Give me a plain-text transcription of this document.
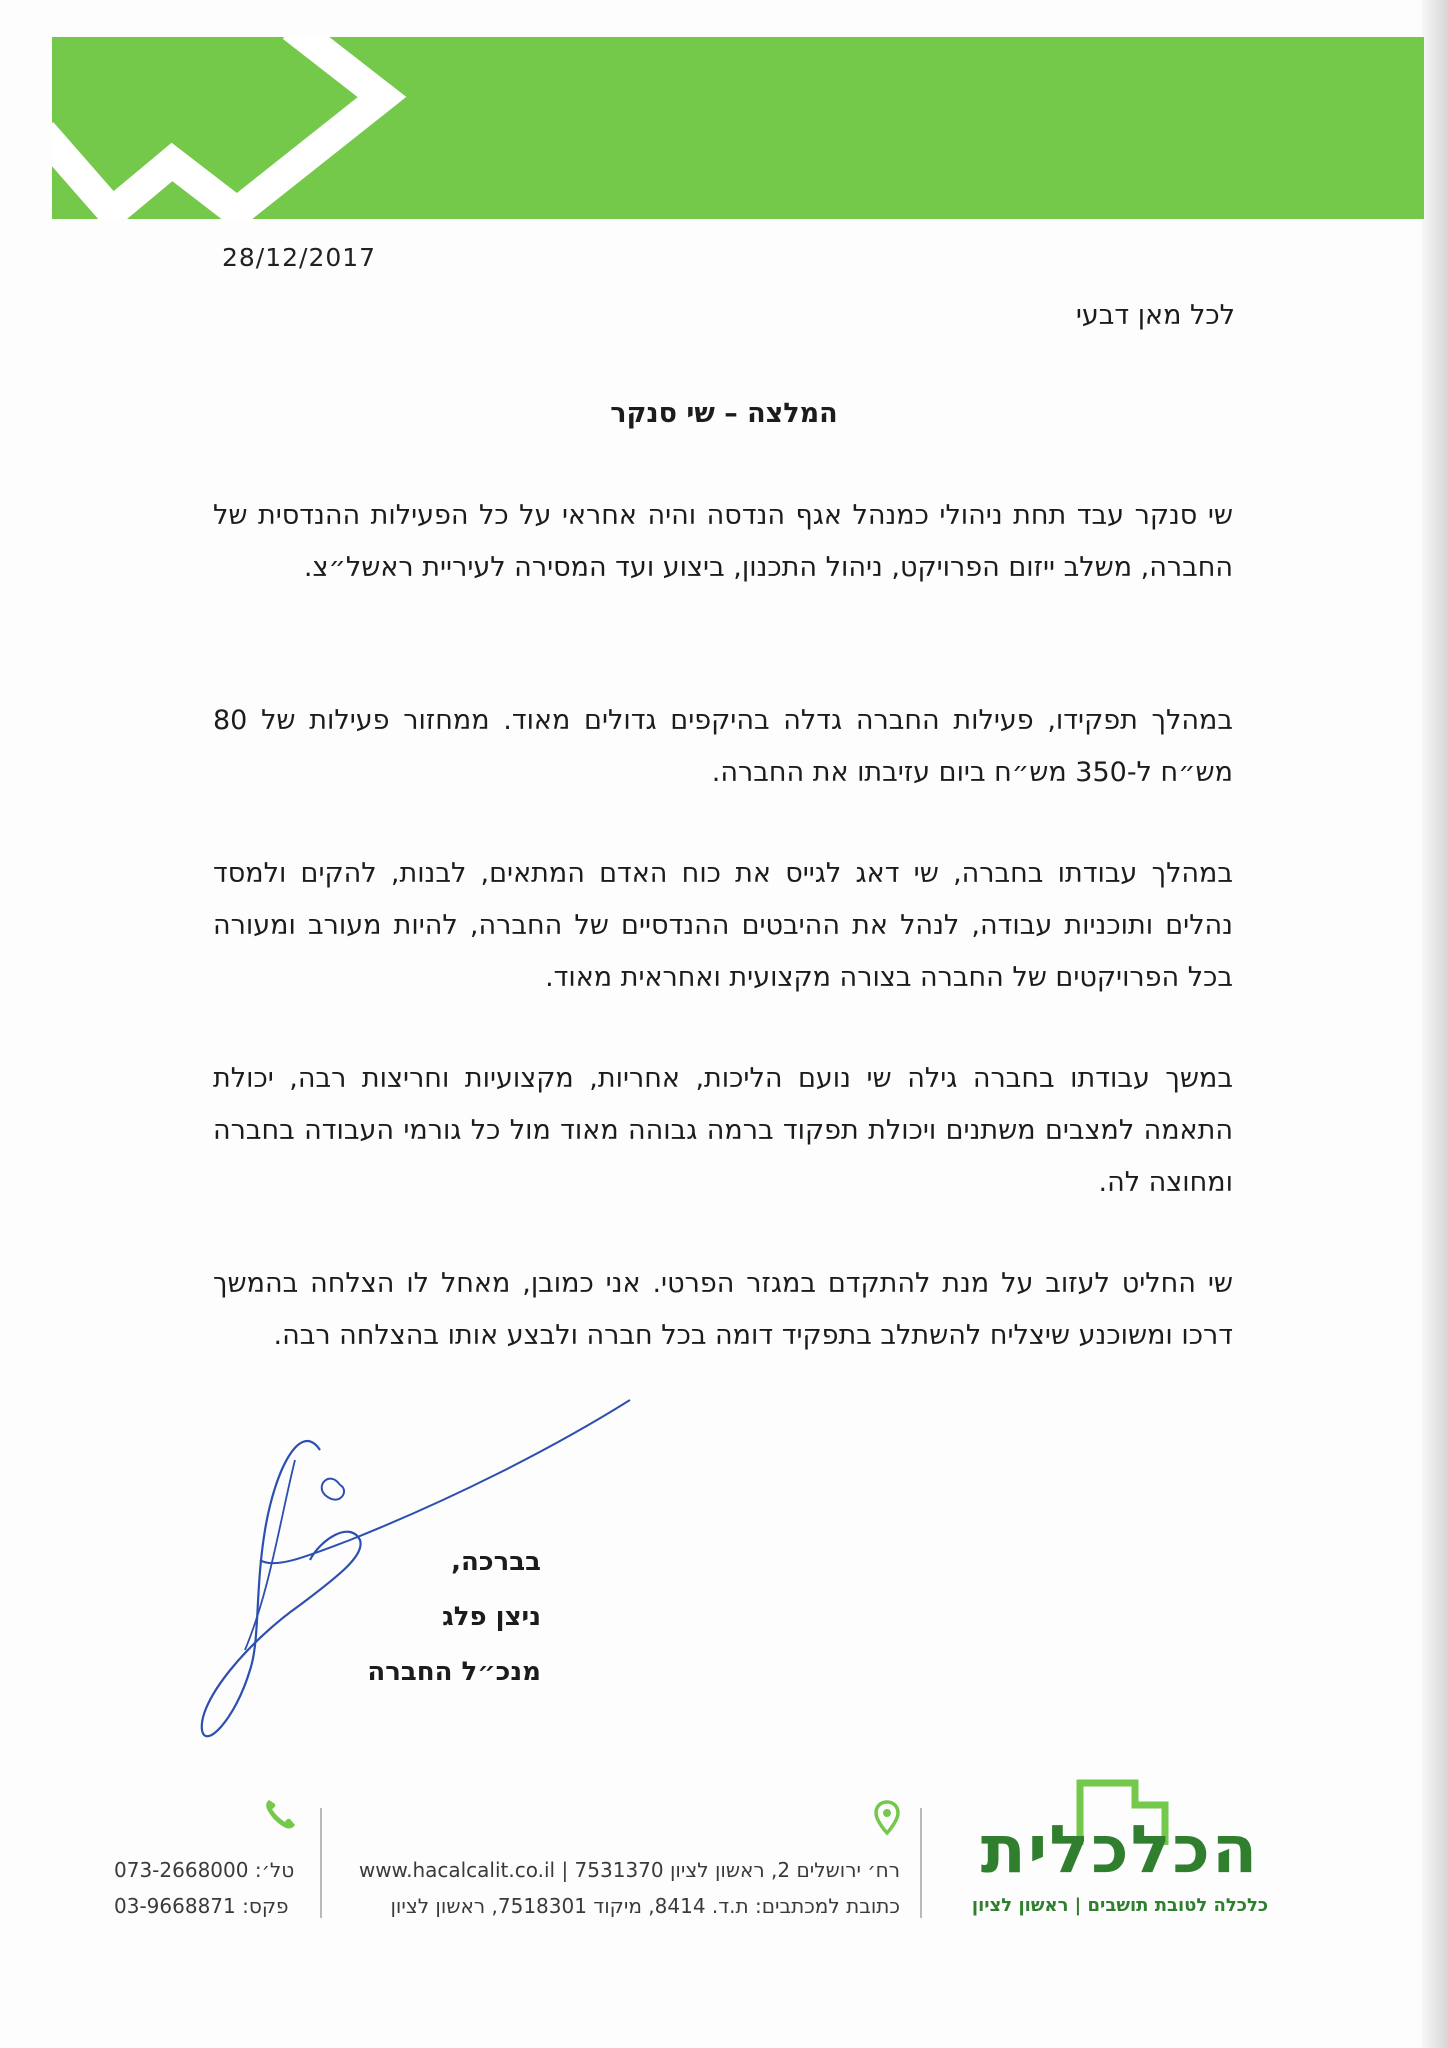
28/12/2017
לכל מאן דבעי
המלצה – שי סנקר
שי סנקר עבד תחת ניהולי כמנהל אגף הנדסה והיה אחראי על כל הפעילות ההנדסית של החברה, משלב ייזום הפרויקט, ניהול התכנון, ביצוע ועד המסירה לעיריית ראשל״צ.
במהלך תפקידו, פעילות החברה גדלה בהיקפים גדולים מאוד. ממחזור פעילות של 80 מש״ח ל-350 מש״ח ביום עזיבתו את החברה.
במהלך עבודתו בחברה, שי דאג לגייס את כוח האדם המתאים, לבנות, להקים ולמסד נהלים ותוכניות עבודה, לנהל את ההיבטים ההנדסיים של החברה, להיות מעורב ומעורה בכל הפרויקטים של החברה בצורה מקצועית ואחראית מאוד.
במשך עבודתו בחברה גילה שי נועם הליכות, אחריות, מקצועיות וחריצות רבה, יכולת התאמה למצבים משתנים ויכולת תפקוד ברמה גבוהה מאוד מול כל גורמי העבודה בחברה ומחוצה לה.
שי החליט לעזוב על מנת להתקדם במגזר הפרטי. אני כמובן, מאחל לו הצלחה בהמשך דרכו ומשוכנע שיצליח להשתלב בתפקיד דומה בכל חברה ולבצע אותו בהצלחה רבה.
בברכה,
ניצן פלג
מנכ״ל החברה
הכלכלית
כלכלה לטובת תושבים | ראשון לציון
רח׳ ירושלים 2, ראשון לציון 7531370 | www.hacalcalit.co.il
כתובת למכתבים: ת.ד. 8414, מיקוד 7518301, ראשון לציון
טל׳: 073-2668000
פקס: 03-9668871
